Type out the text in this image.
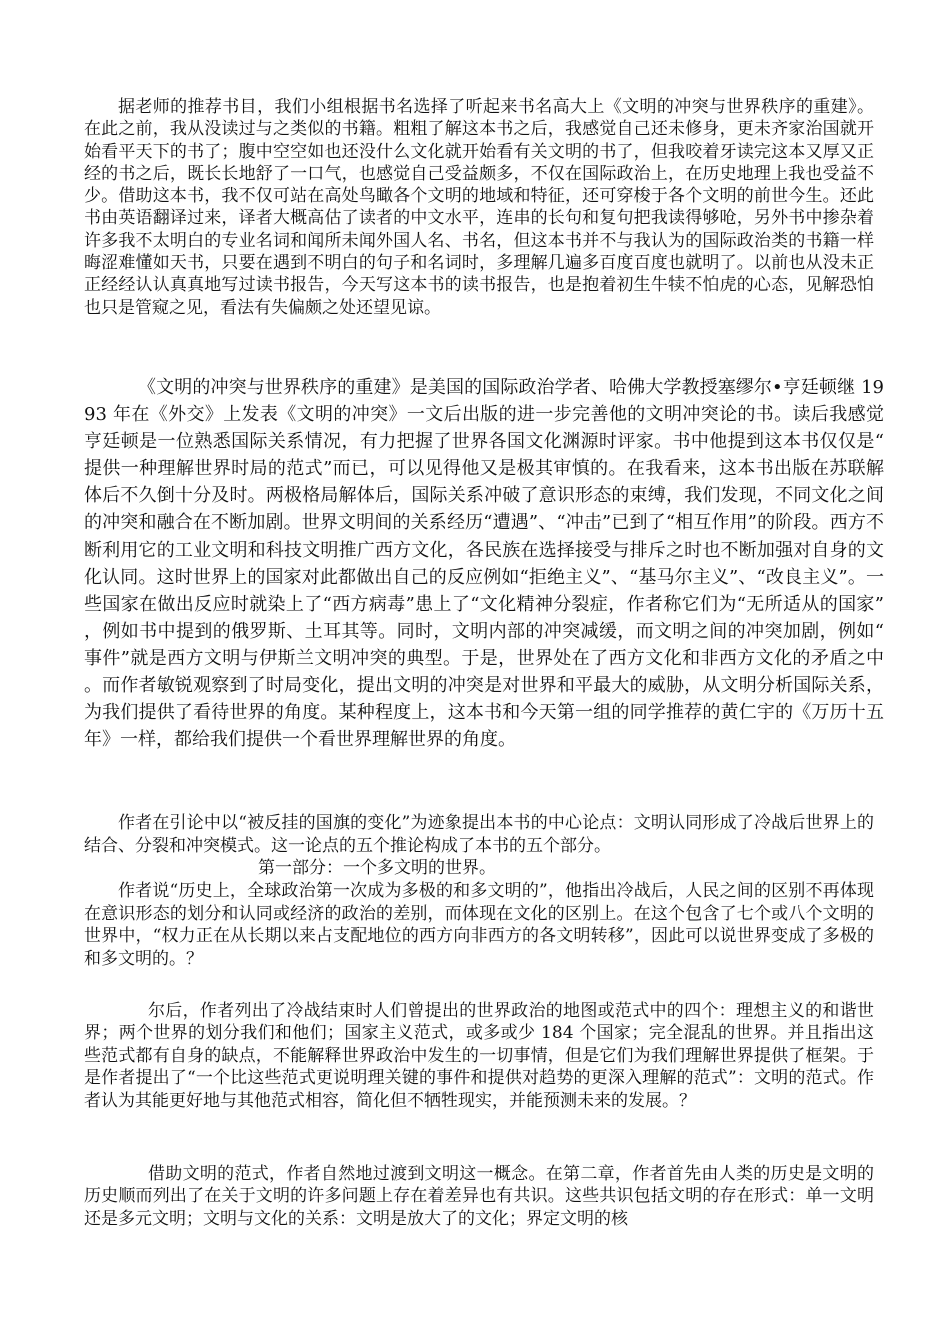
据老师的推荐书目，我们小组根据书名选择了听起来书名高大上《文明的冲突与世界秩序的重建》。在此之前，我从没读过与之类似的书籍。粗粗了解这本书之后，我感觉自己还未修身，更未齐家治国就开始看平天下的书了；腹中空空如也还没什么文化就开始看有关文明的书了，但我咬着牙读完这本又厚又正经的书之后，既长长地舒了一口气，也感觉自己受益颇多，不仅在国际政治上，在历史地理上我也受益不少。借助这本书，我不仅可站在高处鸟瞰各个文明的地域和特征，还可穿梭于各个文明的前世今生。还此书由英语翻译过来，译者大概高估了读者的中文水平，连串的长句和复句把我读得够呛，另外书中掺杂着许多我不太明白的专业名词和闻所未闻外国人名、书名，但这本书并不与我认为的国际政治类的书籍一样晦涩难懂如天书，只要在遇到不明白的句子和名词时，多理解几遍多百度百度也就明了。以前也从没未正正经经认认真真地写过读书报告，今天写这本书的读书报告，也是抱着初生牛犊不怕虎的心态，见解恐怕也只是管窥之见，看法有失偏颇之处还望见谅。

《文明的冲突与世界秩序的重建》是美国的国际政治学者、哈佛大学教授塞缪尔•亨廷顿继 1993 年在《外交》上发表《文明的冲突》一文后出版的进一步完善他的文明冲突论的书。读后我感觉亨廷顿是一位熟悉国际关系情况，有力把握了世界各国文化渊源时评家。书中他提到这本书仅仅是“提供一种理解世界时局的范式”而已，可以见得他又是极其审慎的。在我看来，这本书出版在苏联解体后不久倒十分及时。两极格局解体后，国际关系冲破了意识形态的束缚，我们发现，不同文化之间的冲突和融合在不断加剧。世界文明间的关系经历“遭遇”、“冲击”已到了“相互作用”的阶段。西方不断利用它的工业文明和科技文明推广西方文化，各民族在选择接受与排斥之时也不断加强对自身的文化认同。这时世界上的国家对此都做出自己的反应例如“拒绝主义”、“基马尔主义”、“改良主义”。一些国家在做出反应时就染上了“西方病毒”患上了“文化精神分裂症，作者称它们为“无所适从的国家”，例如书中提到的俄罗斯、土耳其等。同时，文明内部的冲突减缓，而文明之间的冲突加剧，例如“事件”就是西方文明与伊斯兰文明冲突的典型。于是，世界处在了西方文化和非西方文化的矛盾之中。而作者敏锐观察到了时局变化，提出文明的冲突是对世界和平最大的威胁，从文明分析国际关系，为我们提供了看待世界的角度。某种程度上，这本书和今天第一组的同学推荐的黄仁宇的《万历十五年》一样，都给我们提供一个看世界理解世界的角度。

作者在引论中以“被反挂的国旗的变化”为迹象提出本书的中心论点：文明认同形成了冷战后世界上的结合、分裂和冲突模式。这一论点的五个推论构成了本书的五个部分。

第一部分：一个多文明的世界。

作者说“历史上，全球政治第一次成为多极的和多文明的”，他指出冷战后，人民之间的区别不再体现在意识形态的划分和认同或经济的政治的差别，而体现在文化的区别上。在这个包含了七个或八个文明的世界中，“权力正在从长期以来占支配地位的西方向非西方的各文明转移”，因此可以说世界变成了多极的和多文明的。？

尔后，作者列出了冷战结束时人们曾提出的世界政治的地图或范式中的四个：理想主义的和谐世界；两个世界的划分我们和他们；国家主义范式，或多或少 184 个国家；完全混乱的世界。并且指出这些范式都有自身的缺点，不能解释世界政治中发生的一切事情，但是它们为我们理解世界提供了框架。于是作者提出了“一个比这些范式更说明理关键的事件和提供对趋势的更深入理解的范式”：文明的范式。作者认为其能更好地与其他范式相容，简化但不牺牲现实，并能预测未来的发展。？

借助文明的范式，作者自然地过渡到文明这一概念。在第二章，作者首先由人类的历史是文明的历史顺而列出了在关于文明的许多问题上存在着差异也有共识。这些共识包括文明的存在形式：单一文明还是多元文明；文明与文化的关系：文明是放大了的文化；界定文明的核
